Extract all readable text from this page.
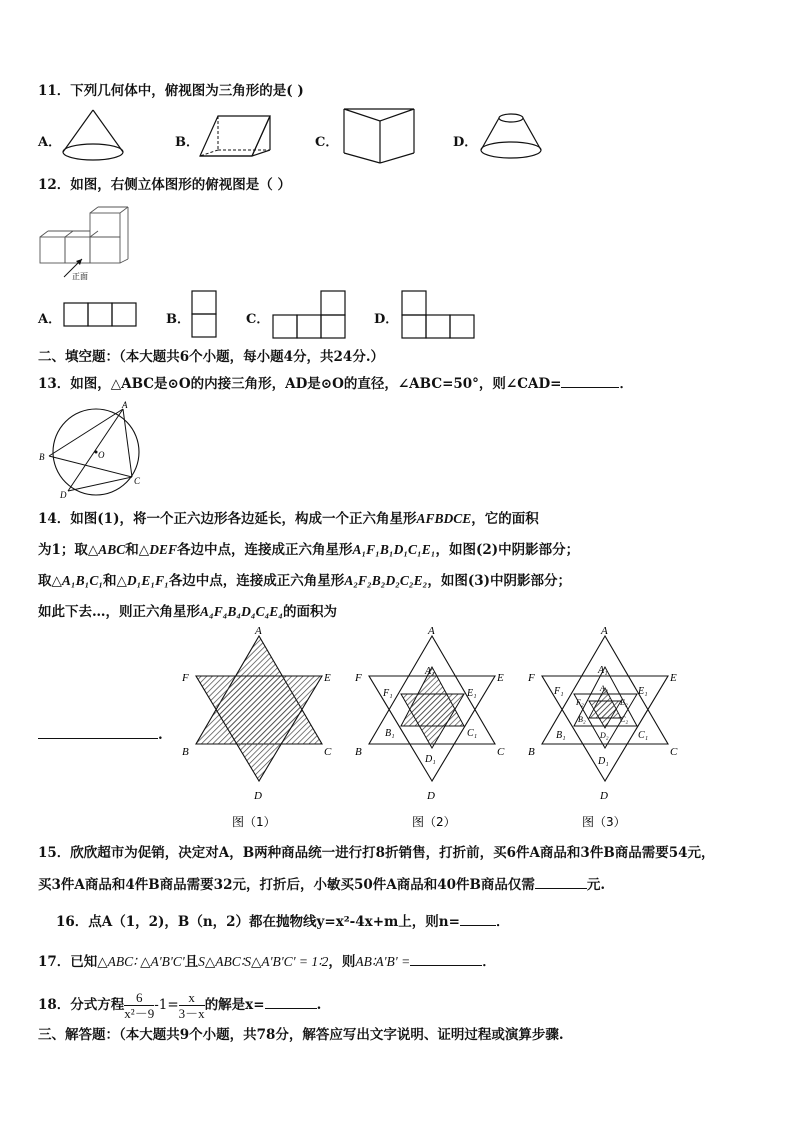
11．下列几何体中，俯视图为三角形的是( )
A．	B．	C．	D．
12．如图，右侧立体图形的俯视图是（ ）
正面
A．	B．	C．	D．
二、填空题：（本大题共6个小题，每小题4分，共24分.）
13．如图，△ABC是⊙O的内接三角形，AD是⊙O的直径，∠ABC=50°，则∠CAD=	．
A
B
C
D
O
14．如图(1)，将一个正六边形各边延长，构成一个正六角星形AFBDCE，它的面积
为1；取△ABC和△DEF各边中点，连接成正六角星形A₁F₁B₁D₁C₁E₁，如图(2)中阴影部分；
取△A₁B₁C₁和△D₁E₁F₁各边中点，连接成正六角星形A₂F₂B₂D₂C₂E₂，如图(3)中阴影部分；
如此下去…，则正六角星形A₄F₄B₄D₄C₄E₄的面积为
.
A
F	E
B	C
D
图（1）
A
F	E
B	C
D
A₁
F₁	E₁
B₁	C₁
D₁
图（2）
A
F	E
B	C
D
A₁
F₁	E₁
B₁	C₁
D₁
A₂
F₂	E₂
B₂	C₂
D₂
图（3）
15．欣欣超市为促销，决定对A，B两种商品统一进行打8折销售，打折前，买6件A商品和3件B商品需要54元，
买3件A商品和4件B商品需要32元，打折后，小敏买50件A商品和40件B商品仅需	元.
16．点A（1，2)，B（n，2）都在抛物线y=x²-4x+m上，则n=	．
17．已知△ABC∶ △A'B'C'且S△ABC∶S△A'B'C' = 1∶2，则AB∶A'B' =	．
18．分式方程 $\frac{6}{\text{x²－9}} -1= \frac{x}{3-x}$ 的解是x=	.
三、解答题：（本大题共9个小题，共78分，解答应写出文字说明、证明过程或演算步骤.
